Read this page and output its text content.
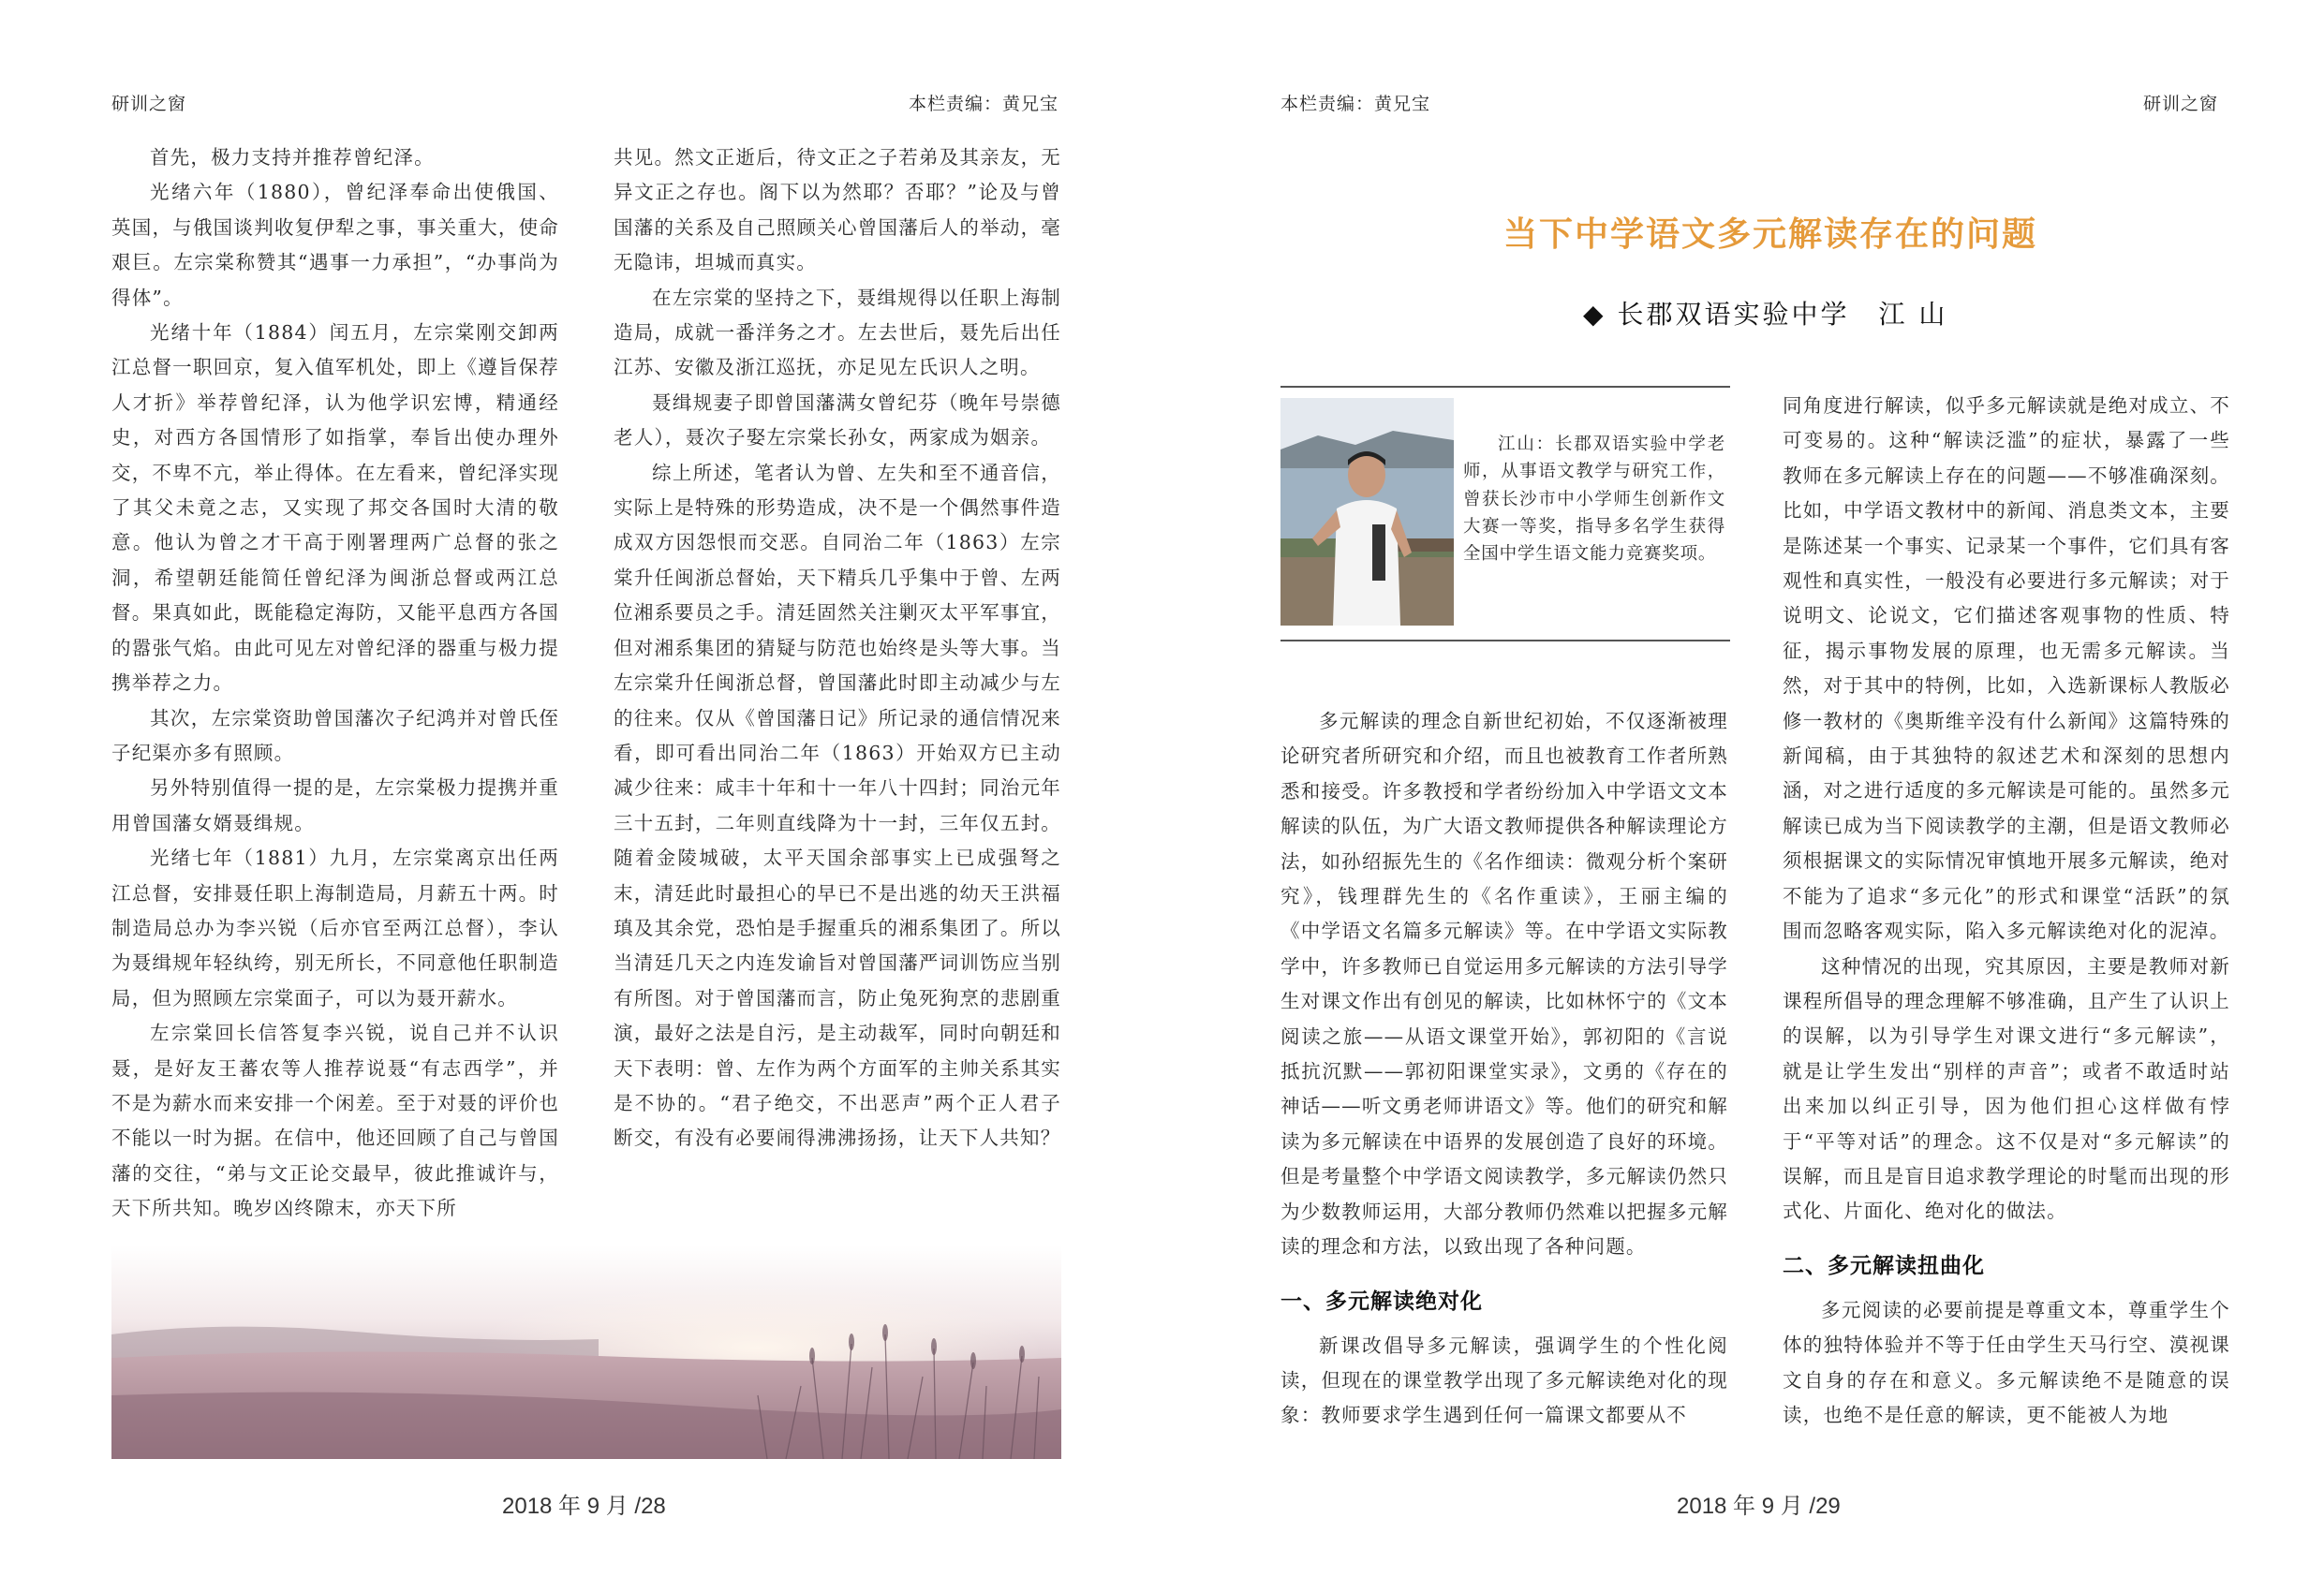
研训之窗	本栏责编：黄兄宝	本栏责编：黄兄宝	研训之窗

首先，极力支持并推荐曾纪泽。

光绪六年（1880），曾纪泽奉命出使俄国、英国，与俄国谈判收复伊犁之事，事关重大，使命艰巨。左宗棠称赞其“遇事一力承担”，“办事尚为得体”。

光绪十年（1884）闰五月，左宗棠刚交卸两江总督一职回京，复入值军机处，即上《遵旨保荐人才折》举荐曾纪泽，认为他学识宏博，精通经史，对西方各国情形了如指掌，奉旨出使办理外交，不卑不亢，举止得体。在左看来，曾纪泽实现了其父未竟之志，又实现了邦交各国时大清的敬意。他认为曾之才干高于刚署理两广总督的张之洞，希望朝廷能简任曾纪泽为闽浙总督或两江总督。果真如此，既能稳定海防，又能平息西方各国的嚣张气焰。由此可见左对曾纪泽的器重与极力提携举荐之力。

其次，左宗棠资助曾国藩次子纪鸿并对曾氏侄子纪渠亦多有照顾。

另外特别值得一提的是，左宗棠极力提携并重用曾国藩女婿聂缉规。

光绪七年（1881）九月，左宗棠离京出任两江总督，安排聂任职上海制造局，月薪五十两。时制造局总办为李兴锐（后亦官至两江总督），李认为聂缉规年轻纨绔，别无所长，不同意他任职制造局，但为照顾左宗棠面子，可以为聂开薪水。

左宗棠回长信答复李兴锐，说自己并不认识聂，是好友王蕃农等人推荐说聂“有志西学”，并不是为薪水而来安排一个闲差。至于对聂的评价也不能以一时为据。在信中，他还回顾了自己与曾国藩的交往，“弟与文正论交最早，彼此推诚许与，天下所共知。晚岁凶终隙末，亦天下所

共见。然文正逝后，待文正之子若弟及其亲友，无异文正之存也。阁下以为然耶？否耶？”论及与曾国藩的关系及自己照顾关心曾国藩后人的举动，毫无隐讳，坦城而真实。

在左宗棠的坚持之下，聂缉规得以任职上海制造局，成就一番洋务之才。左去世后，聂先后出任江苏、安徽及浙江巡抚，亦足见左氏识人之明。

聂缉规妻子即曾国藩满女曾纪芬（晚年号崇德老人），聂次子娶左宗棠长孙女，两家成为姻亲。

综上所述，笔者认为曾、左失和至不通音信，实际上是特殊的形势造成，决不是一个偶然事件造成双方因怨恨而交恶。自同治二年（1863）左宗棠升任闽浙总督始，天下精兵几乎集中于曾、左两位湘系要员之手。清廷固然关注剿灭太平军事宜，但对湘系集团的猜疑与防范也始终是头等大事。当左宗棠升任闽浙总督，曾国藩此时即主动减少与左的往来。仅从《曾国藩日记》所记录的通信情况来看，即可看出同治二年（1863）开始双方已主动减少往来：咸丰十年和十一年八十四封；同治元年三十五封，二年则直线降为十一封，三年仅五封。随着金陵城破，太平天国余部事实上已成强弩之末，清廷此时最担心的早已不是出逃的幼天王洪福瑱及其余党，恐怕是手握重兵的湘系集团了。所以当清廷几天之内连发谕旨对曾国藩严词训饬应当别有所图。对于曾国藩而言，防止兔死狗烹的悲剧重演，最好之法是自污，是主动裁军，同时向朝廷和天下表明：曾、左作为两个方面军的主帅关系其实是不协的。“君子绝交，不出恶声”两个正人君子断交，有没有必要闹得沸沸扬扬，让天下人共知？

2018 年 9 月 /28	2018 年 9 月 /29
当下中学语文多元解读存在的问题
◆ 长郡双语实验中学　江 山
江山：长郡双语实验中学老师，从事语文教学与研究工作，曾获长沙市中小学师生创新作文大赛一等奖，指导多名学生获得全国中学生语文能力竞赛奖项。

多元解读的理念自新世纪初始，不仅逐渐被理论研究者所研究和介绍，而且也被教育工作者所熟悉和接受。许多教授和学者纷纷加入中学语文文本解读的队伍，为广大语文教师提供各种解读理论方法，如孙绍振先生的《名作细读：微观分析个案研究》，钱理群先生的《名作重读》，王丽主编的《中学语文名篇多元解读》等。在中学语文实际教学中，许多教师已自觉运用多元解读的方法引导学生对课文作出有创见的解读，比如林怀宁的《文本阅读之旅——从语文课堂开始》，郭初阳的《言说抵抗沉默——郭初阳课堂实录》，文勇的《存在的神话——听文勇老师讲语文》等。他们的研究和解读为多元解读在中语界的发展创造了良好的环境。但是考量整个中学语文阅读教学，多元解读仍然只为少数教师运用，大部分教师仍然难以把握多元解读的理念和方法，以致出现了各种问题。

一、多元解读绝对化

新课改倡导多元解读，强调学生的个性化阅读，但现在的课堂教学出现了多元解读绝对化的现象：教师要求学生遇到任何一篇课文都要从不

同角度进行解读，似乎多元解读就是绝对成立、不可变易的。这种“解读泛滥”的症状，暴露了一些教师在多元解读上存在的问题——不够准确深刻。比如，中学语文教材中的新闻、消息类文本，主要是陈述某一个事实、记录某一个事件，它们具有客观性和真实性，一般没有必要进行多元解读；对于说明文、论说文，它们描述客观事物的性质、特征，揭示事物发展的原理，也无需多元解读。当然，对于其中的特例，比如，入选新课标人教版必修一教材的《奥斯维辛没有什么新闻》这篇特殊的新闻稿，由于其独特的叙述艺术和深刻的思想内涵，对之进行适度的多元解读是可能的。虽然多元解读已成为当下阅读教学的主潮，但是语文教师必须根据课文的实际情况审慎地开展多元解读，绝对不能为了追求“多元化”的形式和课堂“活跃”的氛围而忽略客观实际，陷入多元解读绝对化的泥淖。

这种情况的出现，究其原因，主要是教师对新课程所倡导的理念理解不够准确，且产生了认识上的误解，以为引导学生对课文进行“多元解读”，就是让学生发出“别样的声音”；或者不敢适时站出来加以纠正引导，因为他们担心这样做有悖于“平等对话”的理念。这不仅是对“多元解读”的误解，而且是盲目追求教学理论的时髦而出现的形式化、片面化、绝对化的做法。

二、多元解读扭曲化

多元阅读的必要前提是尊重文本，尊重学生个体的独特体验并不等于任由学生天马行空、漠视课文自身的存在和意义。多元解读绝不是随意的误读，也绝不是任意的解读，更不能被人为地
